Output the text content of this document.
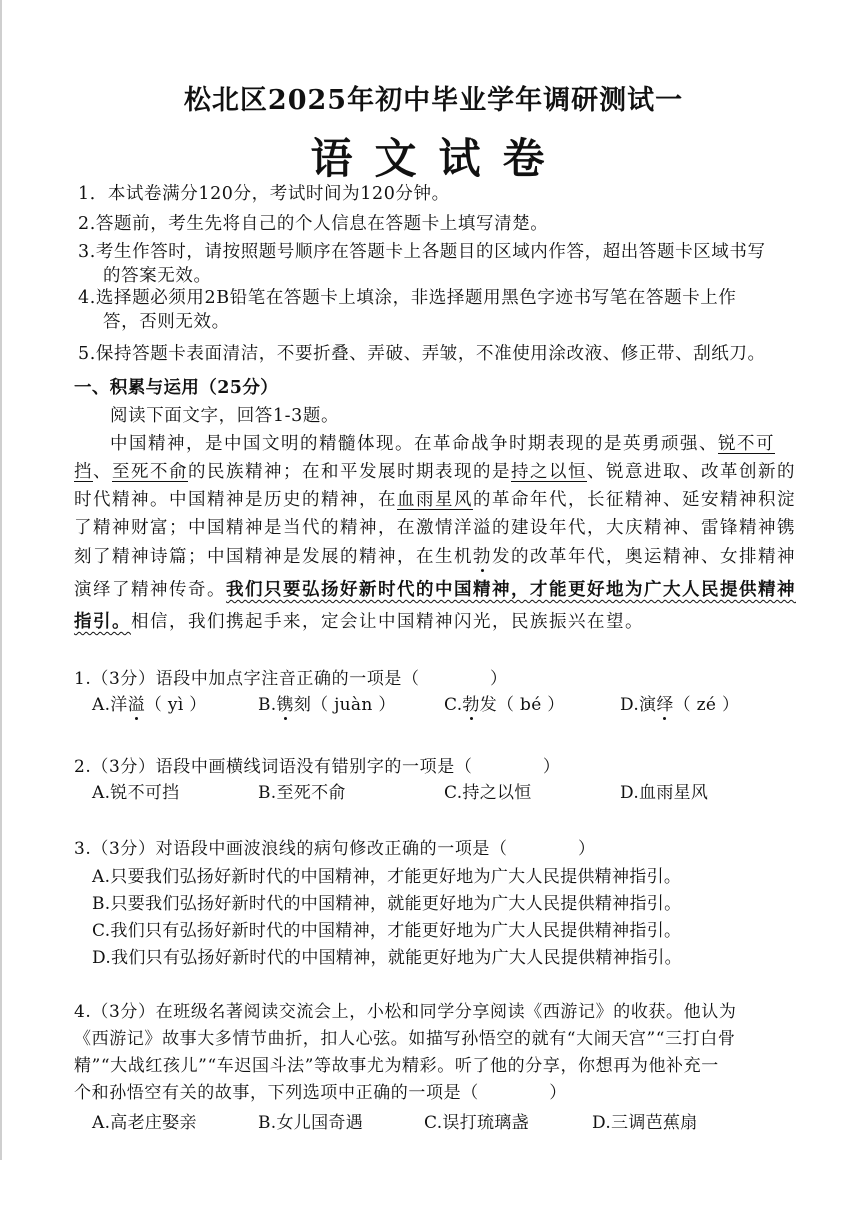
松北区2025年初中毕业学年调研测试一
语文试卷
1．本试卷满分120分，考试时间为120分钟。
2.答题前，考生先将自己的个人信息在答题卡上填写清楚。
3.考生作答时，请按照题号顺序在答题卡上各题目的区域内作答，超出答题卡区域书写
的答案无效。
4.选择题必须用2B铅笔在答题卡上填涂，非选择题用黑色字迹书写笔在答题卡上作
答，否则无效。
5.保持答题卡表面清洁，不要折叠、弄破、弄皱，不准使用涂改液、修正带、刮纸刀。
一、积累与运用（25分）
阅读下面文字，回答1-3题。
中国精神，是中国文明的精髓体现。在革命战争时期表现的是英勇顽强、锐不可
挡、至死不俞的民族精神；在和平发展时期表现的是持之以恒、锐意进取、改革创新的
时代精神。中国精神是历史的精神，在血雨星风的革命年代，长征精神、延安精神积淀
了精神财富；中国精神是当代的精神，在激情洋溢的建设年代，大庆精神、雷锋精神镌
刻了精神诗篇；中国精神是发展的精神，在生机勃发的改革年代，奥运精神、女排精神
演绎了精神传奇。我们只要弘扬好新时代的中国精神，才能更好地为广大人民提供精神
指引。相信，我们携起手来，定会让中国精神闪光，民族振兴在望。
1.（3分）语段中加点字注音正确的一项是（　　　　）
A.洋溢（ yì ）	B.镌刻（ juàn ）	C.勃发（ bé ）	D.演绎（ zé ）
2.（3分）语段中画横线词语没有错别字的一项是（　　　　）
A.锐不可挡	B.至死不俞	C.持之以恒	D.血雨星风
3.（3分）对语段中画波浪线的病句修改正确的一项是（　　　　）
A.只要我们弘扬好新时代的中国精神，才能更好地为广大人民提供精神指引。
B.只要我们弘扬好新时代的中国精神，就能更好地为广大人民提供精神指引。
C.我们只有弘扬好新时代的中国精神，才能更好地为广大人民提供精神指引。
D.我们只有弘扬好新时代的中国精神，就能更好地为广大人民提供精神指引。
4.（3分）在班级名著阅读交流会上，小松和同学分享阅读《西游记》的收获。他认为
《西游记》故事大多情节曲折，扣人心弦。如描写孙悟空的就有“大闹天宫”“三打白骨
精”“大战红孩儿”“车迟国斗法”等故事尤为精彩。听了他的分享，你想再为他补充一
个和孙悟空有关的故事，下列选项中正确的一项是（　　　　）
A.高老庄娶亲	B.女儿国奇遇	C.误打琉璃盏	D.三调芭蕉扇
